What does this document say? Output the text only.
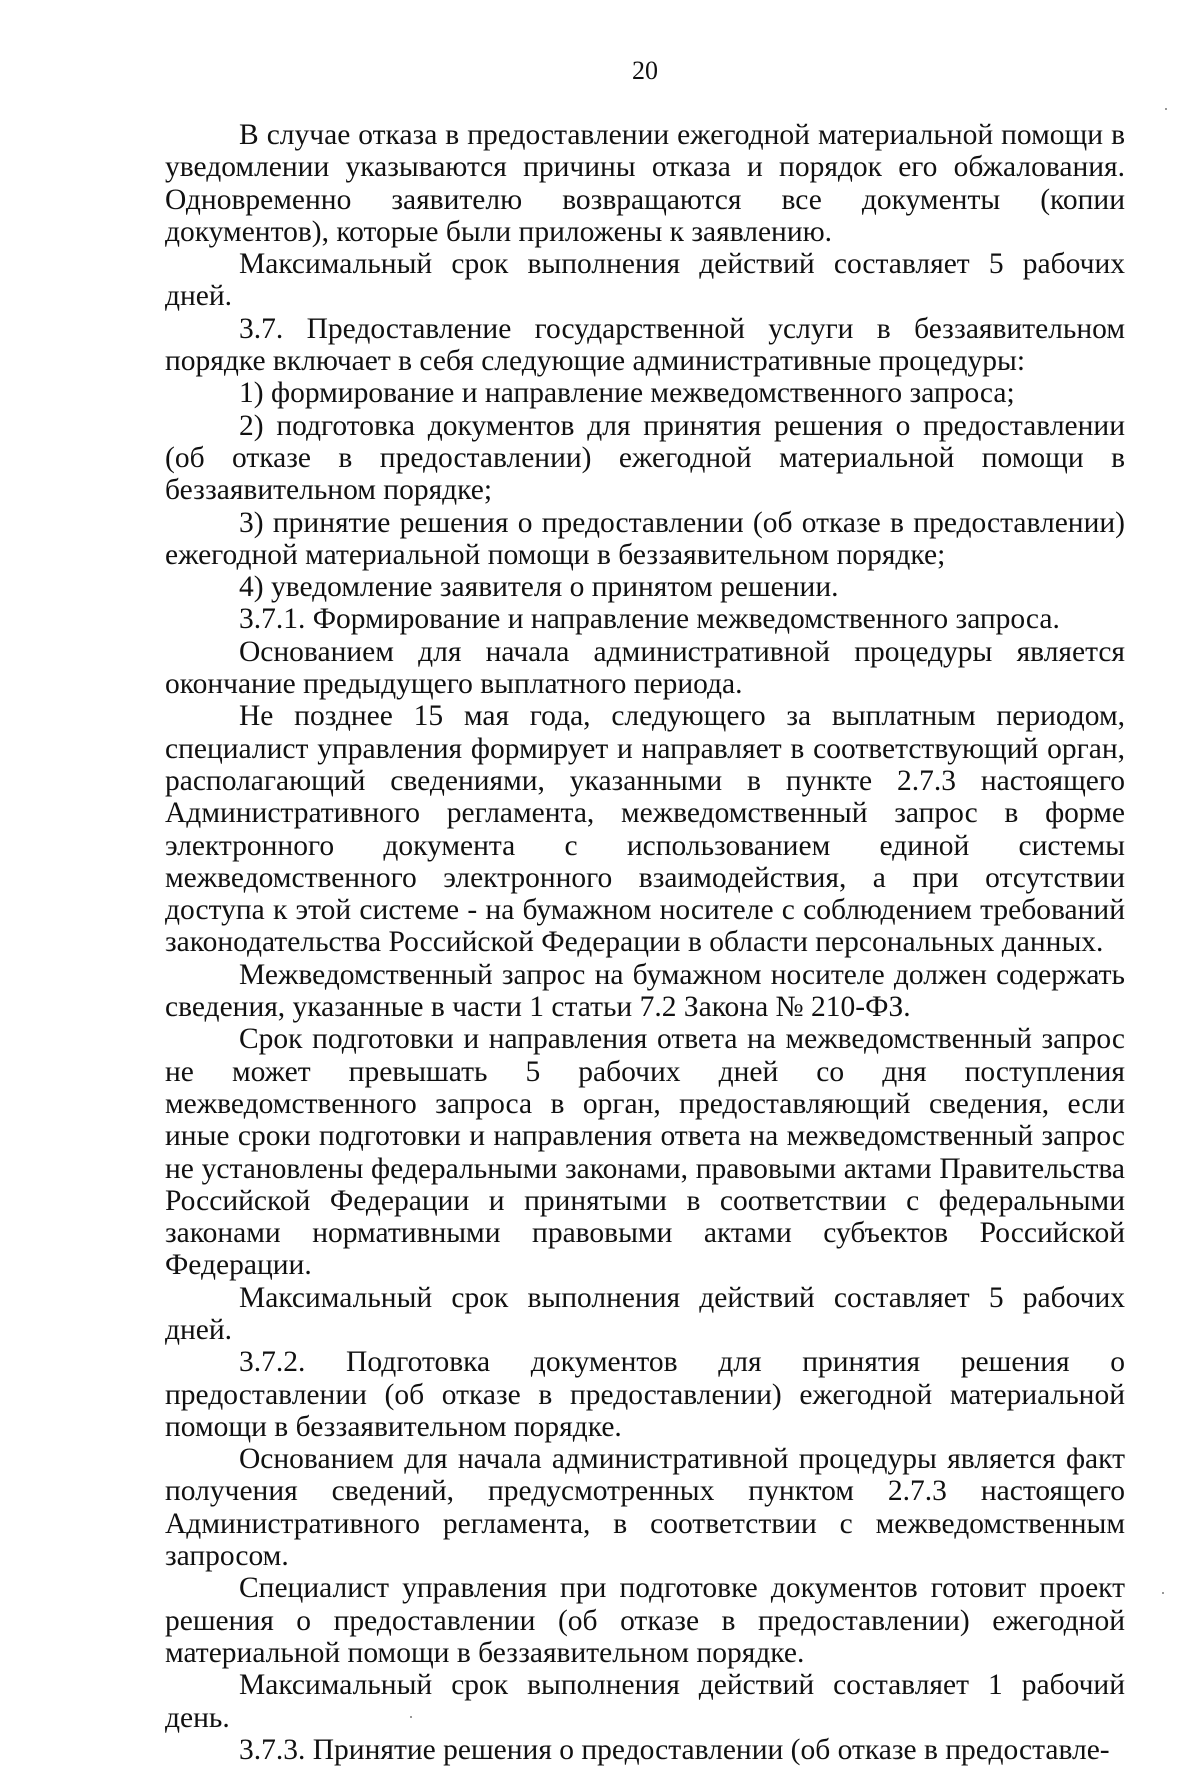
20

В случае отказа в предоставлении ежегодной материальной помощи в уведомлении указываются причины отказа и порядок его обжалования. Одновременно заявителю возвращаются все документы (копии документов), которые были приложены к заявлению.

Максимальный срок выполнения действий составляет 5 рабочих дней.

3.7. Предоставление государственной услуги в беззаявительном порядке включает в себя следующие административные процедуры:

1) формирование и направление межведомственного запроса;

2) подготовка документов для принятия решения о предоставлении (об отказе в предоставлении) ежегодной материальной помощи в беззаявительном порядке;

3) принятие решения о предоставлении (об отказе в предоставлении) ежегодной материальной помощи в беззаявительном порядке;

4) уведомление заявителя о принятом решении.

3.7.1. Формирование и направление межведомственного запроса.

Основанием для начала административной процедуры является окончание предыдущего выплатного периода.

Не позднее 15 мая года, следующего за выплатным периодом, специалист управления формирует и направляет в соответствующий орган, располагающий сведениями, указанными в пункте 2.7.3 настоящего Административного регламента, межведомственный запрос в форме электронного документа с использованием единой системы межведомственного электронного взаимодействия, а при отсутствии доступа к этой системе - на бумажном носителе с соблюдением требований законодательства Российской Федерации в области персональных данных.

Межведомственный запрос на бумажном носителе должен содержать сведения, указанные в части 1 статьи 7.2 Закона № 210-ФЗ.

Срок подготовки и направления ответа на межведомственный запрос не может превышать 5 рабочих дней со дня поступления межведомственного запроса в орган, предоставляющий сведения, если иные сроки подготовки и направления ответа на межведомственный запрос не установлены федеральными законами, правовыми актами Правительства Российской Федерации и принятыми в соответствии с федеральными законами нормативными правовыми актами субъектов Российской Федерации.

Максимальный срок выполнения действий составляет 5 рабочих дней.

3.7.2. Подготовка документов для принятия решения о предоставлении (об отказе в предоставлении) ежегодной материальной помощи в беззаявительном порядке.

Основанием для начала административной процедуры является факт получения сведений, предусмотренных пунктом 2.7.3 настоящего Административного регламента, в соответствии с межведомственным запросом.

Специалист управления при подготовке документов готовит проект решения о предоставлении (об отказе в предоставлении) ежегодной материальной помощи в беззаявительном порядке.

Максимальный срок выполнения действий составляет 1 рабочий день.

3.7.3. Принятие решения о предоставлении (об отказе в предоставле-
